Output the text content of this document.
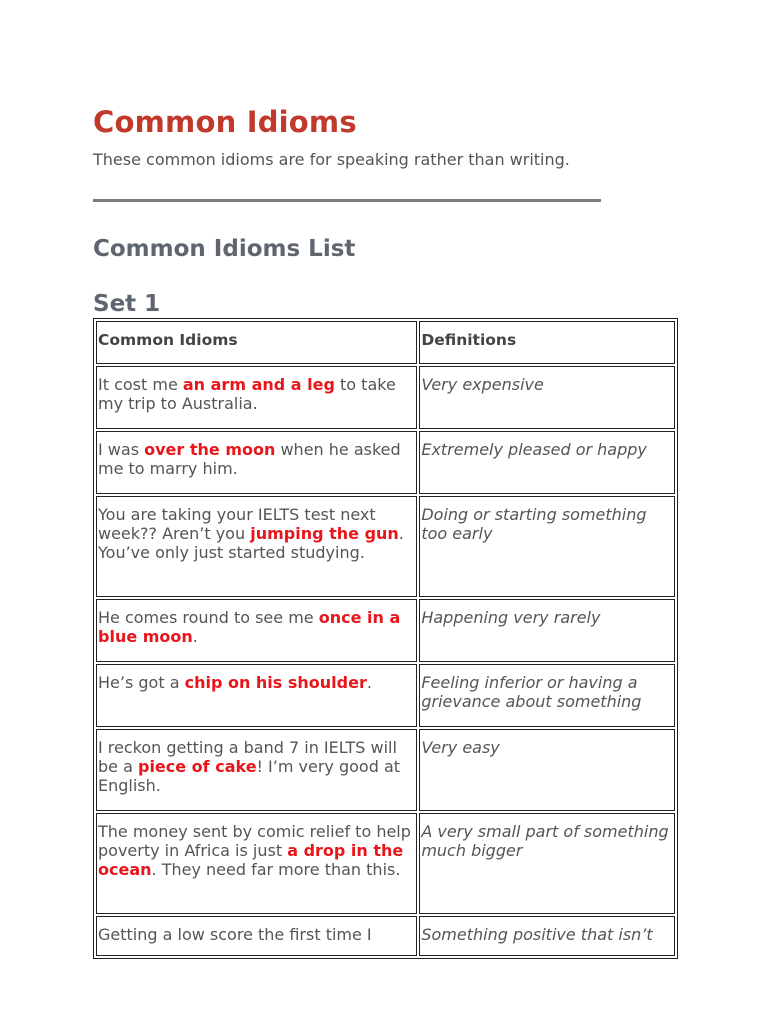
Common Idioms

These common idioms are for speaking rather than writing.

Common Idioms List
Set 1
Common Idioms	Definitions
It cost me an arm and a leg to take my trip to Australia.	Very expensive
I was over the moon when he asked me to marry him.	Extremely pleased or happy
You are taking your IELTS test next week?? Aren’t you jumping the gun. You’ve only just started studying.	Doing or starting something too early
He comes round to see me once in a blue moon.	Happening very rarely
He’s got a chip on his shoulder.	Feeling inferior or having a grievance about something
I reckon getting a band 7 in IELTS will be a piece of cake! I’m very good at English.	Very easy
The money sent by comic relief to help poverty in Africa is just a drop in the ocean. They need far more than this.	A very small part of something much bigger
Getting a low score the first time I	Something positive that isn’t
